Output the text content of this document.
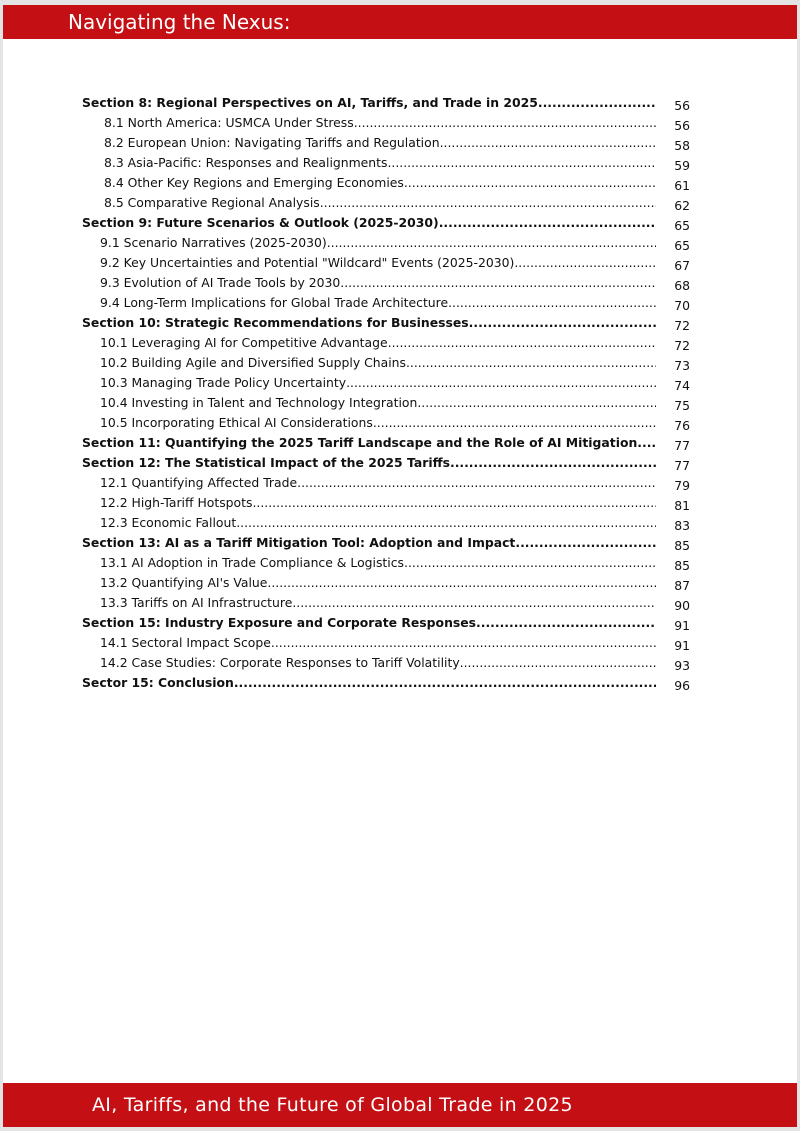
Navigating the Nexus:
Section 8: Regional Perspectives on AI, Tariffs, and Trade in 2025 .....	56
8.1 North America: USMCA Under Stress .....	56
8.2 European Union: Navigating Tariffs and Regulation .....	58
8.3 Asia-Pacific: Responses and Realignments .....	59
8.4 Other Key Regions and Emerging Economies .....	61
8.5 Comparative Regional Analysis .....	62
Section 9: Future Scenarios & Outlook (2025-2030) .....	65
9.1 Scenario Narratives (2025-2030) .....	65
9.2 Key Uncertainties and Potential "Wildcard" Events (2025-2030) .....	67
9.3 Evolution of AI Trade Tools by 2030 .....	68
9.4 Long-Term Implications for Global Trade Architecture .....	70
Section 10: Strategic Recommendations for Businesses .....	72
10.1 Leveraging AI for Competitive Advantage .....	72
10.2 Building Agile and Diversified Supply Chains .....	73
10.3 Managing Trade Policy Uncertainty .....	74
10.4 Investing in Talent and Technology Integration .....	75
10.5 Incorporating Ethical AI Considerations .....	76
Section 11: Quantifying the 2025 Tariff Landscape and the Role of AI Mitigation .....	77
Section 12: The Statistical Impact of the 2025 Tariffs .....	77
12.1 Quantifying Affected Trade .....	79
12.2 High-Tariff Hotspots .....	81
12.3 Economic Fallout .....	83
Section 13: AI as a Tariff Mitigation Tool: Adoption and Impact .....	85
13.1 AI Adoption in Trade Compliance & Logistics .....	85
13.2 Quantifying AI's Value .....	87
13.3 Tariffs on AI Infrastructure .....	90
Section 15: Industry Exposure and Corporate Responses .....	91
14.1 Sectoral Impact Scope .....	91
14.2 Case Studies: Corporate Responses to Tariff Volatility .....	93
Sector 15: Conclusion .....	96
AI, Tariffs, and the Future of Global Trade in 2025
